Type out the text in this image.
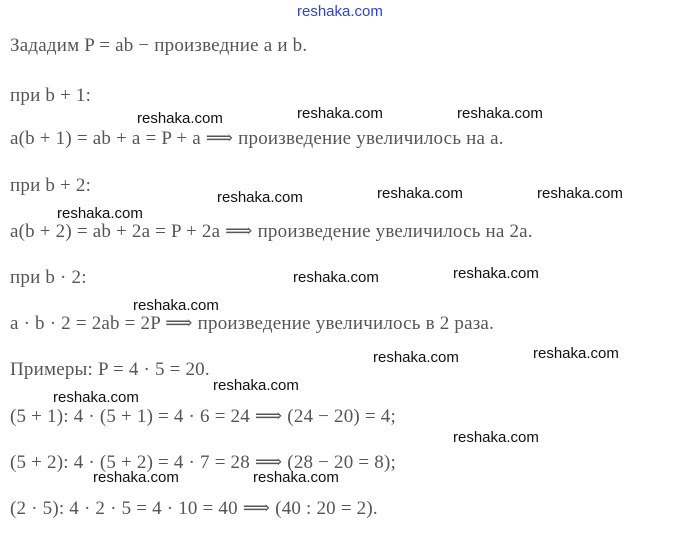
reshaka.com
Зададим P = ab − произведние a и b.
при b + 1:
a(b + 1) = ab + a = P + a ⟹ произведение увеличилось на a.
при b + 2:
a(b + 2) = ab + 2a = P + 2a ⟹ произведение увеличилось на 2a.
при b · 2:
a · b · 2 = 2ab = 2P ⟹ произведение увеличилось в 2 раза.
Примеры: P = 4 · 5 = 20.
(5 + 1): 4 · (5 + 1) = 4 · 6 = 24 ⟹ (24 − 20) = 4;
(5 + 2): 4 · (5 + 2) = 4 · 7 = 28 ⟹ (28 − 20 = 8);
(2 · 5): 4 · 2 · 5 = 4 · 10 = 40 ⟹ (40 : 20 = 2).
reshaka.com	reshaka.com	reshaka.com
reshaka.com	reshaka.com	reshaka.com
reshaka.com
reshaka.com	reshaka.com
reshaka.com
reshaka.com	reshaka.com
reshaka.com
reshaka.com
reshaka.com
reshaka.com	reshaka.com
